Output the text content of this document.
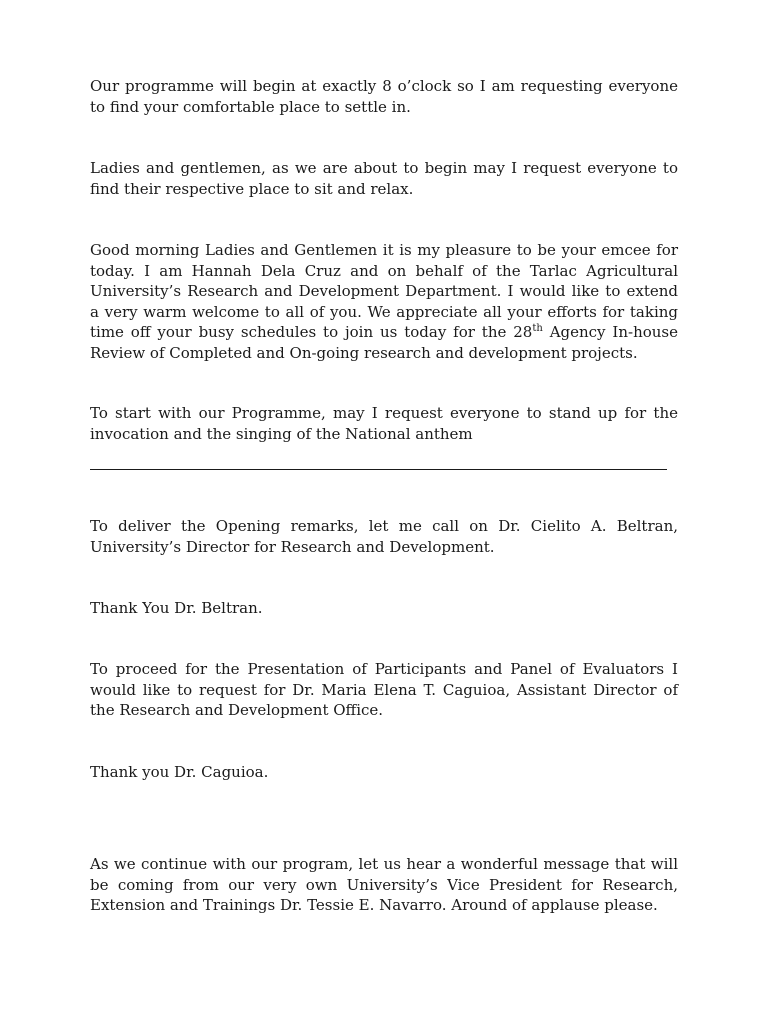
Our programme will begin at exactly 8 o’clock so I am requesting everyone to find your comfortable place to settle in.

Ladies and gentlemen, as we are about to begin may I request everyone to find their respective place to sit and relax.

Good morning Ladies and Gentlemen it is my pleasure to be your emcee for today. I am Hannah Dela Cruz and on behalf of the Tarlac Agricultural University’s Research and Development Department. I would like to extend a very warm welcome to all of you. We appreciate all your efforts for taking time off your busy schedules to join us today for the 28th Agency In-house Review of Completed and On-going research and development projects.

To start with our Programme, may I request everyone to stand up for the invocation and the singing of the National anthem

To deliver the Opening remarks, let me call on Dr. Cielito A. Beltran, University’s Director for Research and Development.

Thank You Dr. Beltran.

To proceed for the Presentation of Participants and Panel of Evaluators I would like to request for Dr. Maria Elena T. Caguioa, Assistant Director of the Research and Development Office.

Thank you Dr. Caguioa.

As we continue with our program, let us hear a wonderful message that will be coming from our very own University’s Vice President for Research, Extension and Trainings Dr. Tessie E. Navarro. Around of applause please.
